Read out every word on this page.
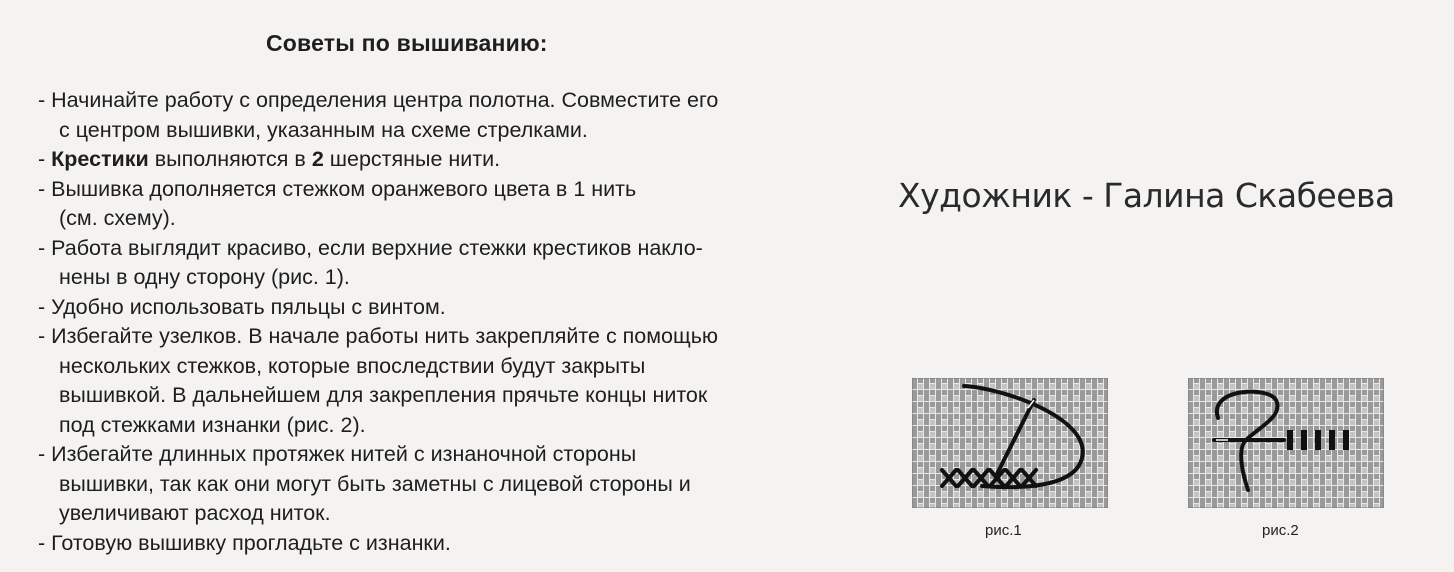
Советы по вышиванию:
- Начинайте работу с определения центра полотна. Совместите его
с центром вышивки, указанным на схеме стрелками.
- Крестики выполняются в 2 шерстяные нити.
- Вышивка дополняется стежком оранжевого цвета в 1 нить
(см. схему).
- Работа выглядит красиво, если верхние стежки крестиков накло-
нены в одну сторону (рис. 1).
- Удобно использовать пяльцы с винтом.
- Избегайте узелков. В начале работы нить закрепляйте с помощью
нескольких стежков, которые впоследствии будут закрыты
вышивкой. В дальнейшем для закрепления прячьте концы ниток
под стежками изнанки (рис. 2).
- Избегайте длинных протяжек нитей с изнаночной стороны
вышивки, так как они могут быть заметны с лицевой стороны и
увеличивают расход ниток.
- Готовую вышивку прогладьте с изнанки.
Художник - Галина Скабеева
рис.1	рис.2
